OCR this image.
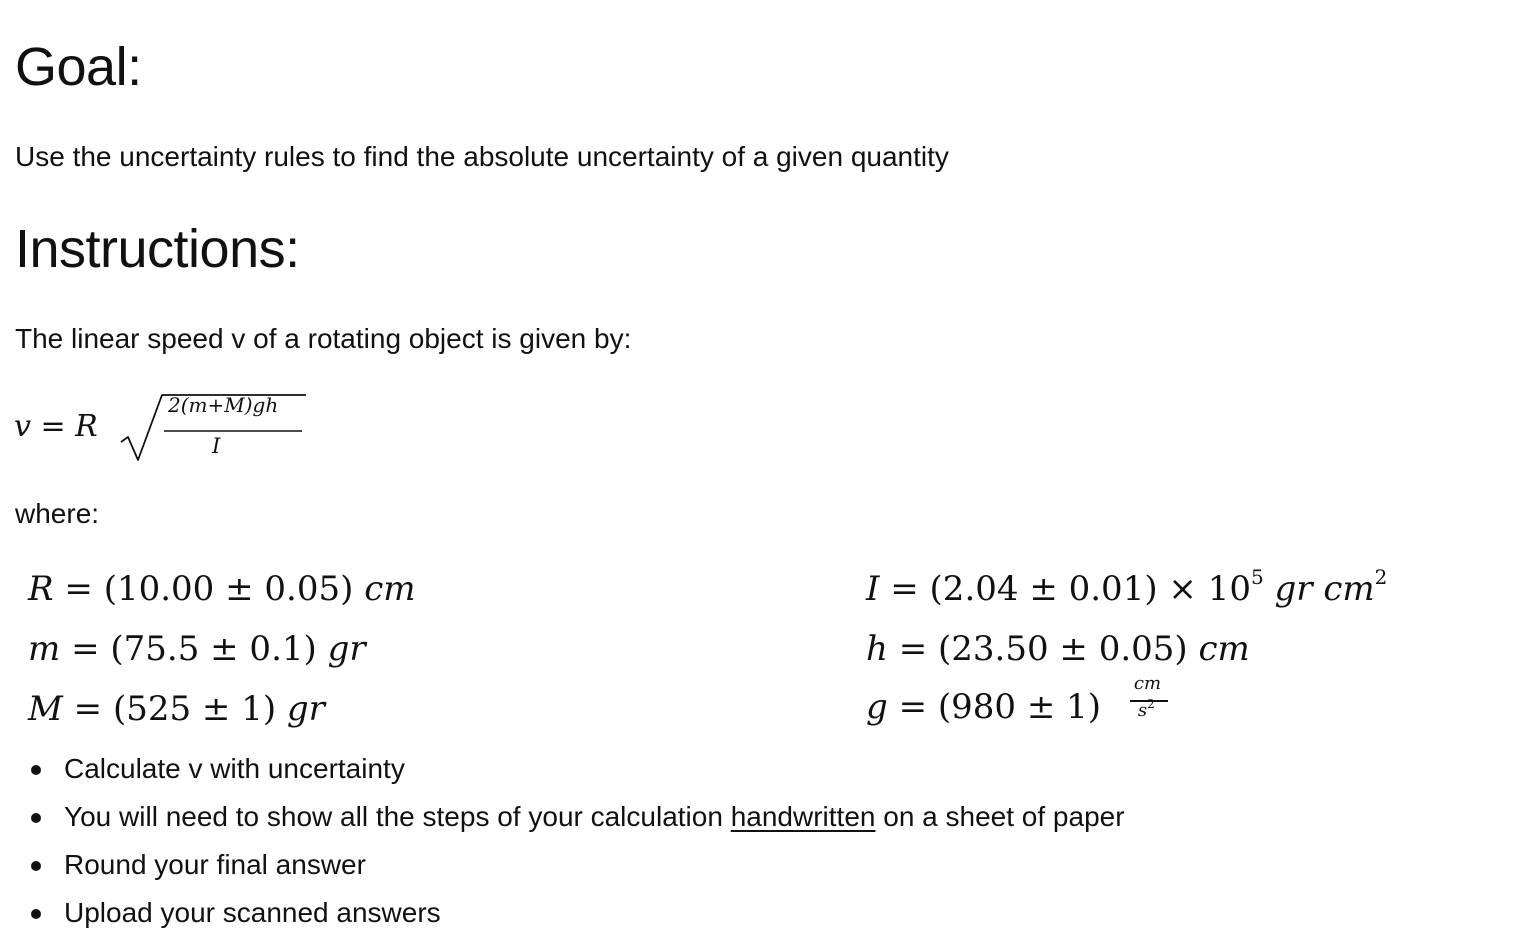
Goal:

Use the uncertainty rules to find the absolute uncertainty of a given quantity

Instructions:

The linear speed v of a rotating object is given by:

v = R
2(m+M)gh
I

where:

R = (10.00 ± 0.05) cm
m = (75.5 ± 0.1) gr
M = (525 ± 1) gr
$I = (2.04 \pm 0.01) \times 10^5$ gr $cm^2$
h = (23.50 ± 0.05) cm
$g = (980 \pm 1) \frac{cm}{s^2}$
Calculate v with uncertainty
You will need to show all the steps of your calculation handwritten on a sheet of paper
Round your final answer
Upload your scanned answers
